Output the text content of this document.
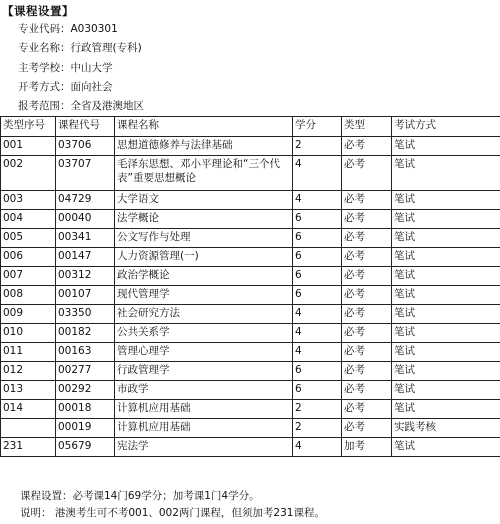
【课程设置】
专业代码：A030301
专业名称：行政管理(专科)
主考学校：中山大学
开考方式：面向社会
报考范围：全省及港澳地区
类型序号	课程代号	课程名称	学分	类型	考试方式
001	03706	思想道德修养与法律基础	2	必考	笔试
002	03707	毛泽东思想、邓小平理论和“三个代表”重要思想概论	4	必考	笔试
003	04729	大学语文	4	必考	笔试
004	00040	法学概论	6	必考	笔试
005	00341	公文写作与处理	6	必考	笔试
006	00147	人力资源管理(一)	6	必考	笔试
007	00312	政治学概论	6	必考	笔试
008	00107	现代管理学	6	必考	笔试
009	03350	社会研究方法	4	必考	笔试
010	00182	公共关系学	4	必考	笔试
011	00163	管理心理学	4	必考	笔试
012	00277	行政管理学	6	必考	笔试
013	00292	市政学	6	必考	笔试
014	00018	计算机应用基础	2	必考	笔试
	00019	计算机应用基础	2	必考	实践考核
231	05679	宪法学	4	加考	笔试
课程设置：必考课14门69学分；加考课1门4学分。
说明： 港澳考生可不考001、002两门课程，但须加考231课程。
